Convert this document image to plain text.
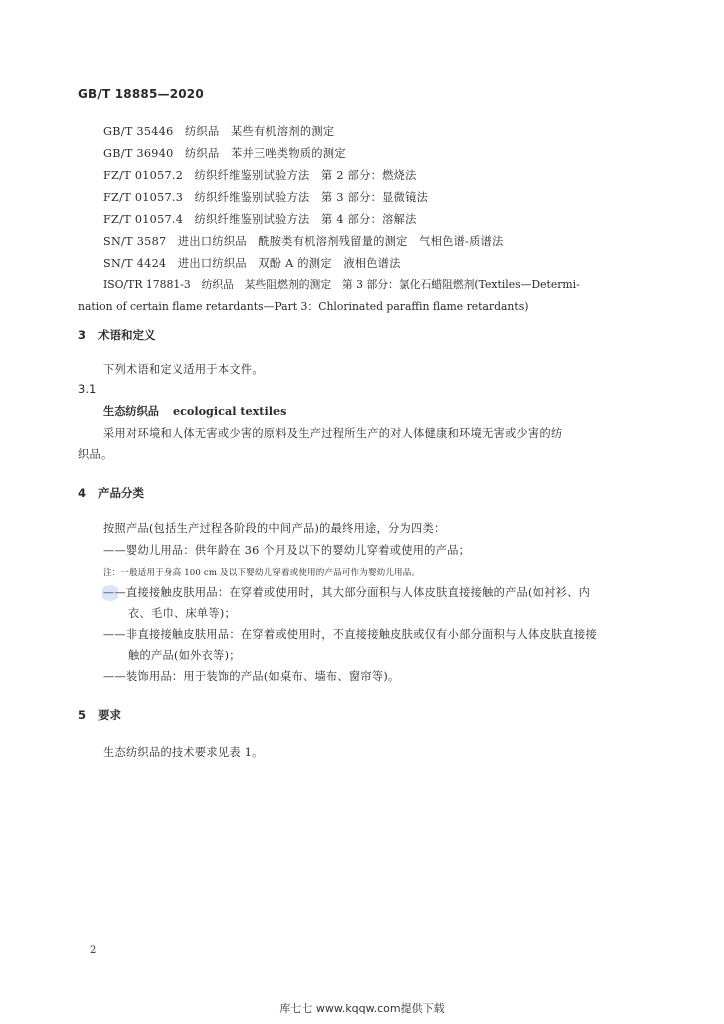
GB/T 18885—2020
GB/T 35446　纺织品　某些有机溶剂的测定
GB/T 36940　纺织品　苯并三唑类物质的测定
FZ/T 01057.2　纺织纤维鉴别试验方法　第 2 部分：燃烧法
FZ/T 01057.3　纺织纤维鉴别试验方法　第 3 部分：显微镜法
FZ/T 01057.4　纺织纤维鉴别试验方法　第 4 部分：溶解法
SN/T 3587　进出口纺织品　酰胺类有机溶剂残留量的测定　气相色谱-质谱法
SN/T 4424　进出口纺织品　双酚 A 的测定　液相色谱法
ISO/TR 17881-3　纺织品　某些阻燃剂的测定　第 3 部分：氯化石蜡阻燃剂(Textiles—Determi-
nation of certain flame retardants—Part 3：Chlorinated paraffin flame retardants)
3 术语和定义
下列术语和定义适用于本文件。
3.1
生态纺织品 ecological textiles
采用对环境和人体无害或少害的原料及生产过程所生产的对人体健康和环境无害或少害的纺
织品。
4 产品分类
按照产品(包括生产过程各阶段的中间产品)的最终用途，分为四类：
——婴幼儿用品：供年龄在 36 个月及以下的婴幼儿穿着或使用的产品；
注：一般适用于身高 100 cm 及以下婴幼儿穿着或使用的产品可作为婴幼儿用品。
——直接接触皮肤用品：在穿着或使用时，其大部分面积与人体皮肤直接接触的产品(如衬衫、内
衣、毛巾、床单等)；
——非直接接触皮肤用品：在穿着或使用时，不直接接触皮肤或仅有小部分面积与人体皮肤直接接
触的产品(如外衣等)；
——装饰用品：用于装饰的产品(如桌布、墙布、窗帘等)。
5 要求
生态纺织品的技术要求见表 1。
2
库七七 www.kqqw.com提供下载
